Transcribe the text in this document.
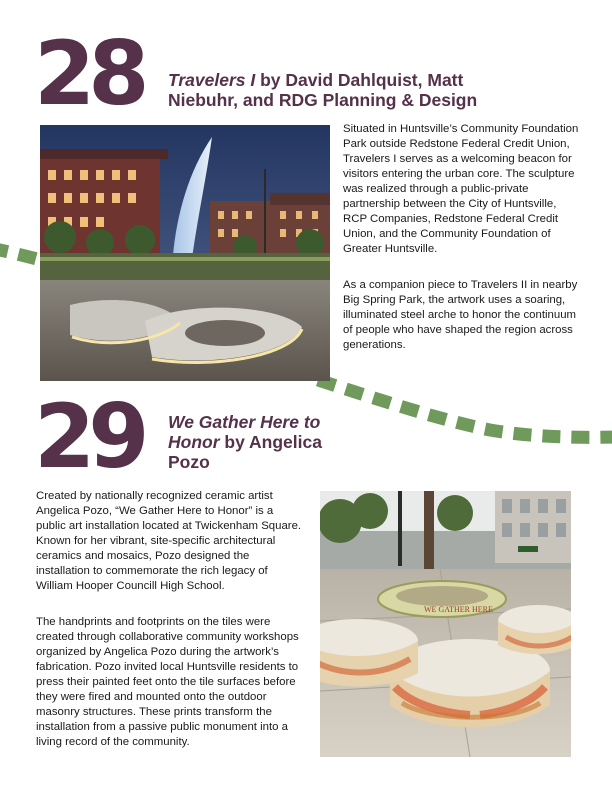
28 Travelers I by David Dahlquist, Matt Niebuhr, and RDG Planning & Design

Situated in Huntsville’s Community Foundation Park outside Redstone Federal Credit Union, Travelers I serves as a welcoming beacon for visitors entering the urban core. The sculpture was realized through a public-private partnership between the City of Huntsville, RCP Companies, Redstone Federal Credit Union, and the Community Foundation of Greater Huntsville.

As a companion piece to Travelers II in nearby Big Spring Park, the artwork uses a soaring, illuminated steel arche to honor the continuum of people who have shaped the region across generations.

29 We Gather Here to Honor by Angelica Pozo

Created by nationally recognized ceramic artist Angelica Pozo, “We Gather Here to Honor” is a public art installation located at Twickenham Square. Known for her vibrant, site-specific architectural ceramics and mosaics, Pozo designed the installation to commemorate the rich legacy of William Hooper Councill High School.

The handprints and footprints on the tiles were created through collaborative community workshops organized by Angelica Pozo during the artwork’s fabrication. Pozo invited local Huntsville residents to press their painted feet onto the tile surfaces before they were fired and mounted onto the outdoor masonry structures. These prints transform the installation from a passive public monument into a living record of the community.

WE GATHER HERE
